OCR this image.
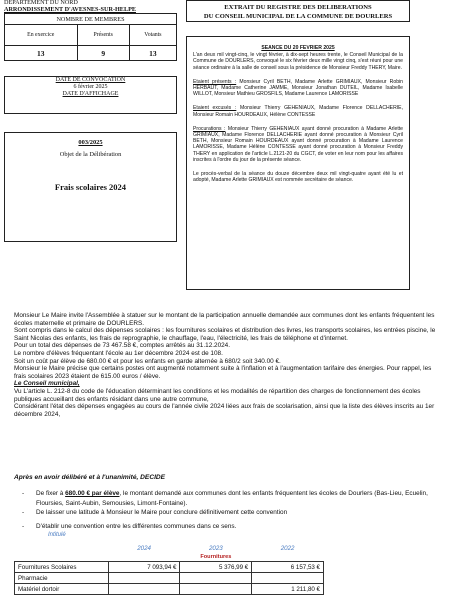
DEPARTEMENT DU NORD
ARRONDISSEMENT D'AVESNES-SUR-HELPE
NOMBRE DE MEMBRES		
En exercice	Présents	Votants
13	9	13
DATE DE CONVOCATION
6 février 2025
DATE D'AFFICHAGE
003/2025
Objet de la Délibération
Frais scolaires 2024
EXTRAIT DU REGISTRE DES DELIBERATIONS
DU CONSEIL MUNICIPAL DE LA COMMUNE DE DOURLERS

SEANCE DU 20 FEVRIER 2025

L'an deux mil vingt-cinq, le vingt février, à dix-sept heures trente, le Conseil Municipal de la Commune de DOURLERS, convoqué le six février deux mille vingt cinq, s'est réuni pour une séance ordinaire à la salle de conseil sous la présidence de Monsieur Freddy THERY, Maire.

Etaient présents : Monsieur Cyril BETH, Madame Arlette GRIMIAUX, Monsieur Robin HERBAUT, Madame Catherine JAMME, Monsieur Jonathan DUTEIL, Madame Isabelle WILLOT, Monsieur Mathieu GROSFILS, Madame Laurence LAMORISSE

Etaient excusés : Monsieur Thierry GEHENIAUX, Madame Florence DELLACHERIE, Monsieur Romain HOURDEAUX, Hélène CONTESSE

Procurations : Monsieur Thierry GEHENIAUX ayant donné procuration à Madame Arlette GRIMIAUX, Madame Florence DELLACHERIE ayant donné procuration à Monsieur Cyril BETH, Monsieur Romain HOURDEAUX ayant donné procuration à Madame Laurence LAMORISSE, Madame Hélène CONTESSE ayant donné procuration à Monsieur Freddy THERY en application de l'article L.2121-20 du CGCT, de voter en leur nom pour les affaires inscrites à l'ordre du jour de la présente séance.

Le procès-verbal de la séance du douze décembre deux mil vingt-quatre ayant été lu et adopté, Madame Arlette GRIMIAUX est nommée secrétaire de séance.

Monsieur Le Maire invite l'Assemblée à statuer sur le montant de la participation annuelle demandée aux communes dont les enfants fréquentent les écoles maternelle et primaire de DOURLERS.

Sont compris dans le calcul des dépenses scolaires : les fournitures scolaires et distribution des livres, les transports scolaires, les entrées piscine, le Saint Nicolas des enfants, les frais de reprographie, le chauffage, l'eau, l'électricité, les frais de téléphone et d'internet.

Pour un total des dépenses de 73 467.58 €, comptes arrêtés au 31.12.2024.

Le nombre d'élèves fréquentant l'école au 1er décembre 2024 est de 108.

Soit un coût par élève de 680.00 € et pour les enfants en garde alternée à 680/2 soit 340.00 €.

Monsieur le Maire précise que certains postes ont augmenté notamment suite à l'inflation et à l'augmentation tarifaire des énergies. Pour rappel, les frais scolaires 2023 étaient de 615.00 euros / élève.

Le Conseil municipal,

Vu L'article L. 212-8 du code de l'éducation déterminant les conditions et les modalités de répartition des charges de fonctionnement des écoles publiques accueillant des enfants résidant dans une autre commune,

Considérant l'état des dépenses engagées au cours de l'année civile 2024 liées aux frais de scolarisation, ainsi que la liste des élèves inscrits au 1er décembre 2024,

Après en avoir délibéré et à l'unanimité, DECIDE
- De fixer à 680.00 € par élève, le montant demandé aux communes dont les enfants fréquentent les écoles de Dourlers (Bas-Lieu, Ecuelin, Floursies, Saint-Aubin, Semousies, Limont-Fontaine).
- De laisser une latitude à Monsieur le Maire pour conclure définitivement cette convention
- D'établir une convention entre les différentes communes dans ce sens.
Intitulé
	2024	2023	2022
	Fournitures		
Fournitures Scolaires	7 093,94 €	5 376,99 €	6 157,53 €
Pharmacie			
Matériel dortoir			1 211,80 €
